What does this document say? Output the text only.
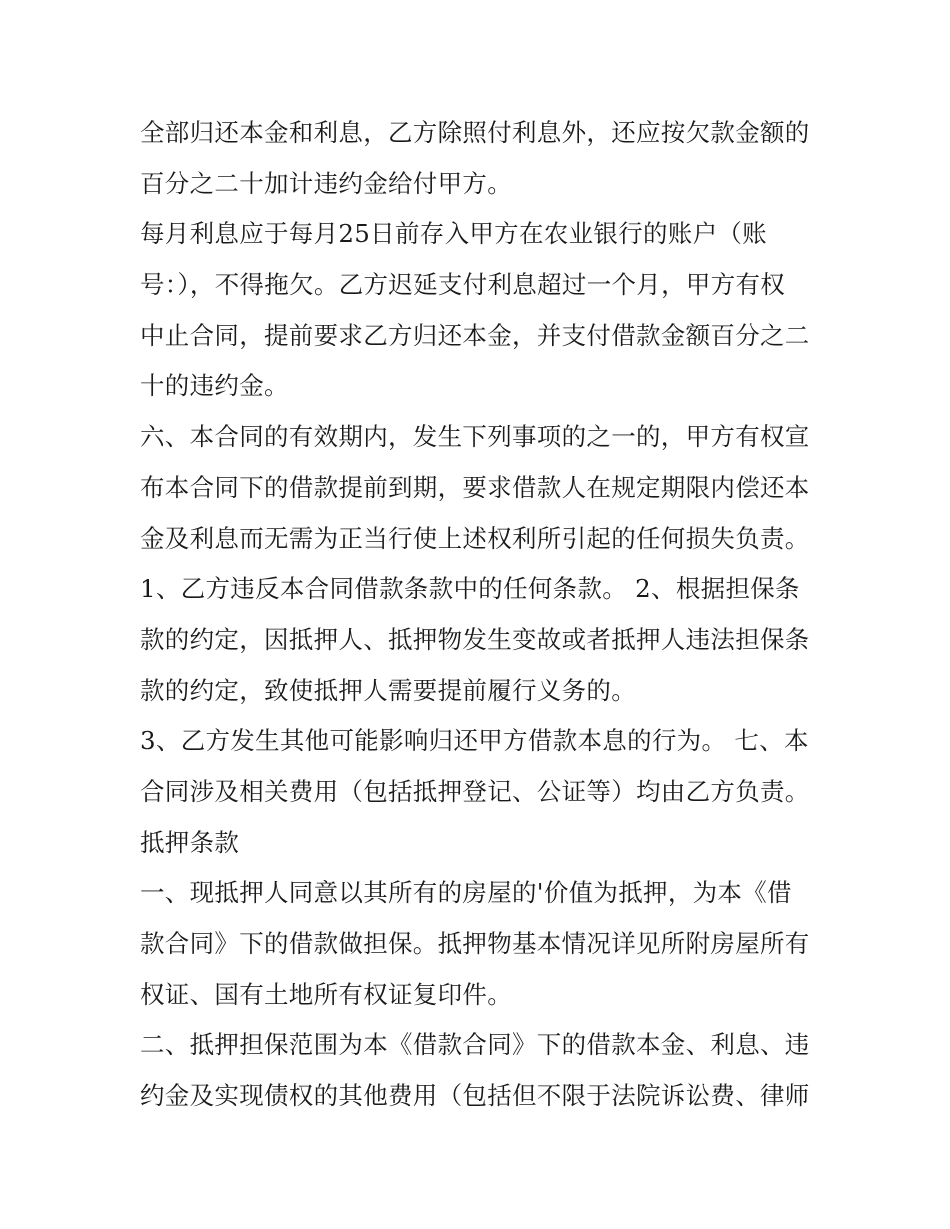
全部归还本金和利息，乙方除照付利息外，还应按欠款金额的
百分之二十加计违约金给付甲方。
每月利息应于每月25日前存入甲方在农业银行的账户（账
号：），不得拖欠。乙方迟延支付利息超过一个月，甲方有权
中止合同，提前要求乙方归还本金，并支付借款金额百分之二
十的违约金。
六、本合同的有效期内，发生下列事项的之一的，甲方有权宣
布本合同下的借款提前到期，要求借款人在规定期限内偿还本
金及利息而无需为正当行使上述权利所引起的任何损失负责。
1、乙方违反本合同借款条款中的任何条款。 2、根据担保条
款的约定，因抵押人、抵押物发生变故或者抵押人违法担保条
款的约定，致使抵押人需要提前履行义务的。
3、乙方发生其他可能影响归还甲方借款本息的行为。 七、本
合同涉及相关费用（包括抵押登记、公证等）均由乙方负责。
抵押条款
一、现抵押人同意以其所有的房屋的'价值为抵押，为本《借
款合同》下的借款做担保。抵押物基本情况详见所附房屋所有
权证、国有土地所有权证复印件。
二、抵押担保范围为本《借款合同》下的借款本金、利息、违
约金及实现债权的其他费用（包括但不限于法院诉讼费、律师
